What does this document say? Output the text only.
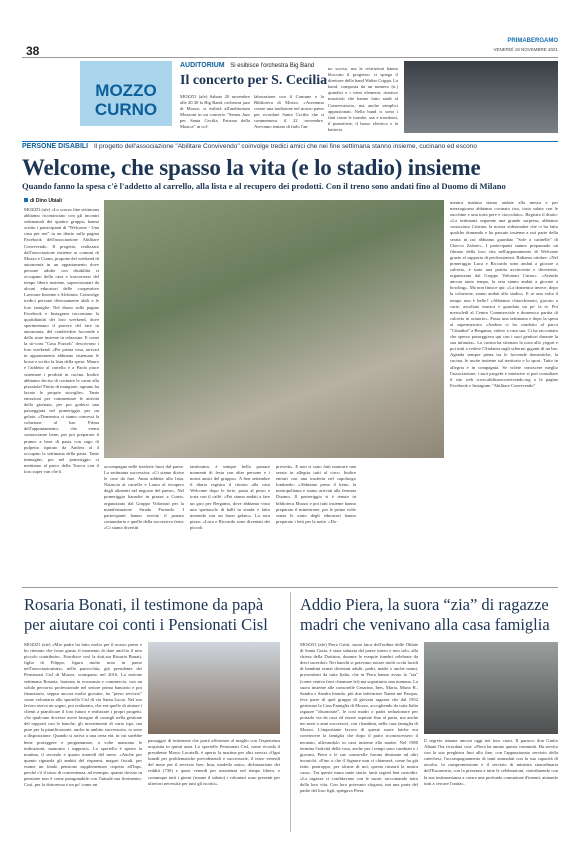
38
PRIMABERGAMO
VENERDÌ 19 NOVEMBRE 2021
MOZZO
CURNO
AUDITORIUM Si esibisce l'orchestra Big Band
Il concerto per S. Cecilia
MOZZO (afe) Sabato 20 novembre alle 20.30 la Big Band, orchestra jazz di Mozzo, si esibirà all'auditorium Mozzoni in un concerto "Serata Jazz per Santa Cecilia, Patrona della Musica" in col-
laborazione con il Comune e la Biblioteca di Mozzo. «Avremmo creare una tradizione nel nostro paese per ricordare Santa Cecilia che si commemora il 22 novembre. Avevamo tentato di farlo l'an-
no scorso, ma le restrizioni hanno bloccato il progetto» ci spiega il direttore della band Walter Crippa. La band, composta da un numero (n.) quindici e i venti elementi, riunisce musicisti che hanno fatto studi al Conservatorio, ma anche semplici appassionati. Nella band ci sono i fiati come le trombe, sax e tromboni, il pianoforte, il basso elettrico e la batteria.
PERSONE DISABILI Il progetto dell'associazione "Abilitare Convivendo" coinvolge tredici amici che nei fine settimana stanno insieme, cucinano ed escono
Welcome, che spasso la vita (e lo stadio) insieme
Quando fanno la spesa c'è l'addetto al carrello, alla lista e al recupero dei prodotti. Con il treno sono andati fino al Duomo di Milano
di Dino Ubiali
MOZZO (afe) «Lo scorso fine settimana abbiamo ricominciato con gli incontri settimanali dei quattro gruppi» hanno scritto i partecipanti di "Welcome - Una casa per noi" in un diario sulla pagina Facebook dell'associazione Abilitare Convivendo. Il progetto, realizzato dall'associazione insieme ai comuni di Mozzo e Curno, propone del weekend di autonomia in un appartamento dove persone adulte con disabilità si occupano della casa e trascorrono del tempo libero insieme, supervisionati da alcuni educatori delle cooperative Lavorare Insieme e Alchimia. Coinvolge tredici persone diversamente abili e le loro famiglie. Nel diario sulle pagine Facebook e Instagram raccontano la quotidianità dei loro weekend, dove sperimentano il piacere del fare in autonomia, del condividere faccende e dello stare insieme in relazione. E come la sit-com "Casa Pozzoli" descrivono i loro weekend: «Per prima cosa, arrivati in appartamento abbiamo sistemato le borse e scritto la lista della spesa. Mauro e l'addetto al carrello e a Paolo piace sistemare i prodotti in cucina. Inoltre abbiamo deciso di cucinare le carne alla pizzaiola! Finito di mangiare, ognuno ha lavato le proprie stoviglie». Tante emozioni per commentare le attività della giornata, per poi godersi una passeggiata nel pomeriggio per un gelato. «Domenica ci siamo concessi la colazione al bar. Prima dell'appuntamento, che eremi comosciarne bene, per poi preparare il pranzo a base di pasta con sugo di pulpetto ispirato da Andrea al 4 occupato la settimana della pasta. Tante immagini, poi nel pomeriggio ci mettiamo al parco della Trucca con il loro super van che li
accompagna nelle trasferte fuori dal paese. La settimana successiva: «Ci siamo divise le cose da fare. Anna addetta alla lista, Natascia al carrello e Laura al recupero degli alimenti nel negozio del paese». Nel pomeriggio karaoke in piazza a Curno, organizzato dal Gruppo Volontari per la manifestazione Strada Facendo. I partecipanti hanno servito il pranzo comunitario e quello della successiva festa: «Ci siamo divertiti
tantissimo, è sempre bello passare momenti di festa con altre persone e i nostri amici del gruppo». A fine settembre il diario registra il ritorno alla casa Welcome dopo le ferie, pasta al pesto e torta con il caffè. «Poi siamo andati a fare un giro per Bergamo, dove abbiamo visto uno spettacolo di balli in strada e fatto merenda con un buon gelato». La sera pizza: «Luca e Riccardo sono diventati dei piccoli
provetti». E non si sono fatti mancare una serata in allegria tutti al circo. Inoltre entrati con una trasferta nel capoluogo lombardo: «Abbiamo preso il treno, la metropolitana e siamo arrivati alla fermata Duomo. Il pomeriggio si è tenuto in biblioteca Mozzo e poi tutti insieme hanno preparato il minestrone, per le prime volte senza le aiuto degli educatori hanno preparato i letti per la notte. «Do-
menica mattina siamo andate alla messa e per mezzogiorno abbiamo cucinato riso, torta salata con le zucchine e una torta pere e cioccolato». Registra il diario: «La settimana seguente una grande sorpresa, abbiamo conosciuto Cristina, la nostra videomaker che ci ha fatto qualche domanda e ha passato insieme a noi parte della serata in cui abbiamo guardato "Sole a catinelle" di Checco Zalone». I partecipanti stanno preparando un filmato della loro vita nell'appartamento di Welcome grazie al supporto di professionisti. Ridiamo ottobre: «Nel pomeriggio Luca e Riccardo sono andati a giocare a calcetto, è stato una partita avvincente e divertente, organizzata dal Gruppo Volontari Curno». «Avendo ancora tanto tempo, la sera siamo andati a giocare a bowling». Ma non finisce qui: «La domenica invece, dopo la colazione, siamo andati allo stadio». E se una volta il tempo non è bello? «Abbiamo chiacchierato, giocato a carte, ascoltato musica e guardato un po' la tv. Poi mercoledì al Centro Commerciale e domenica partita di calcetto in oratorio». Passa una settimana e dopo la spesa al supermercato «Andrea ci ha condotto al parco "Cittadini" a Bergamo, videro a casa sua. Ci ha raccontato che spesso passeggiava qui con i suoi genitori durante la sua infanzia». La cucina ha sfornato la torta allo yogurt e poi tutti a vedere l'Atalanta sugli schermi giganti di un bar. Agenda sempre piena tra le faccende domestiche, la cucina, le uscite insieme sul territorio e lo sport. Tutto in allegria e in compagnia. Se volete conoscere meglio l'associazione, i suoi progetti e iniziative si può consultare il sito web www.abilitareconvivendo.org o le pagine Facebook e Instagram "Abilitare Convivendo"
Rosaria Bonati, il testimone da papà per aiutare coi conti i Pensionati Cisl
MOZZO (afe) «Mio padre ha fatto molto per il nostro paese e ho ritenuto che fosse giusto il momento di dare anch'io il mio piccolo contributo». Esordisce così la dott.ssa Rosaria Bonati, figlia di Filippo, figura molto nota in paese nell'associazionismo, nella parrocchia, già presidente dei Pensionati Cisl di Mozzo, scomparso nel 2016. La sezione settimana Rosaria, laureata in economia e commercio, con un solido percorso professionale nel settore prima bancario e poi finanziario, seppur ancora molto giovane, ha "preso servizio" come volontaria allo sportello Cisl di via Santa Lucia. Nel suo lavoro aveva un sogno, poi realizzato, che era quello di aiutare i clienti a pianificare il loro futuro e realizzare i propri progetti. «Se qualcuno dovesse avere bisogno di consigli nella gestione del rapporti con le banche, gli investimenti di vario tipo, ma pure per la pianificazione, anche in ambito successorio, io sono a disposizione. Quando si arriva a una certa età, in cui sarebbe bene proteggere e programmare, a volte mancano le indicazioni, mancano i supporti». Lo sportello è aperto la mattina, il secondo e quarto martedì del mese. «Anche per quanto riguarda gli ambiti del risparmi, magari fiscali, per esame un fondo pensione supplementare rispetto all'Inps, perché c'è il tasso di convenienza, ad esempio, quanto dovuto in pensione non è come paragonabile con l'attuale ma fiorimento. Così, per la dottoressa è un po' come un
passaggio di testimone che potrà affrontare al meglio con l'esperienza acquisita in questi anni. Lo sportello Pensionati Cisl, come ricorda il presidente Marco Locatelli, è aperto la mattina per altri servizi «Ogni lunedì per problematiche previdenziali e successorie, il terzo venerdì del mese per il servizio Isee, Imu, modello unico, dichiarazione dei redditi (730) e quest venerdì per assistenza nel tempo libero, e comunque tutti i giorni (tranne il sabato) i volontari sono presenti per ulteriori necessità per tutti gli iscritti».
Addio Piera, la suora “zia” di ragazze madri che venivano alla casa famiglia
MOZZO (afe) Piera Gritti, suora laica dell'ordine delle Oblate di Santa Grata, è stata salutata dal paese intero e non solo, alla chiesa della Dottrina, durante le esequie funebri celebrate da dieci sacerdoti. Nei banchi si potevano notare molti occhi lucidi di bambini ormai diventati adulti, padri, madri o anche nonni, provenienti da tutta Italia, che in Piera hanno avuto la "zia" (come veniva farsi chiamare lei) ma soprattutto una mamma. La suora insieme alle consorelle Cesarina, Ines, Maria, Mario B., Sandra e Sandra biondo, più due infermiere Nanni me Pasqua, fece parte di quel gruppo di giovani ragazze che dal 1952 gestirono la Casa Famiglia di Mozzo, accogliendo da tutta Italia ragazze "disonorate", le così madri o padri seduzionore per portarle via da casa ed essere ospitate fino al parto, ma anche nei mesi o anni successivi, con i bambini, nella casa famiglia di Mozzo. L'importante lavoro di queste suore laiche era convincere la famiglia che dopo il parto riconoscessero il neonato, allevandolo in casa insieme alla madre. Nel 1980 termina l'attività della casa, anche per i tempi sono cambiati e i giovani, Piera e le sue consorelle furono destinate ad altri incarichi. «Fino a che il Signore non ci chiamerà, come ha già fatto, purtroppo, per alcune di noi, questa rimarrà la nostra casa». Tra queste mura tante storie, tanti segreti ben custoditi. «La ragazze ci confidavano con le suore, raccontando tutto della loro vita. Con loro potevano sfogarsi, ma una parte del padre del loro figli, spiegava Piera.
Il segreto rimane ancora oggi nei loro cuori. Il parroco don Giulio Albani l'ha ricordata così: «Piera ha amato questa comunità. Ha servito con la sua preghiera fino alla fine, con l'appassionato servizio della catechesi, l'accompagnamento di tanti ammalati con la sua capacità di ascolto, la compromissione e il servizio di ministra straordinaria dell'Eucarestia, con la presenza a tutte le celebrazioni, contribuendo con la sua testimonianza a creare una profonda comunione d'intenti, aiutando tutti a cercare l'unità».
